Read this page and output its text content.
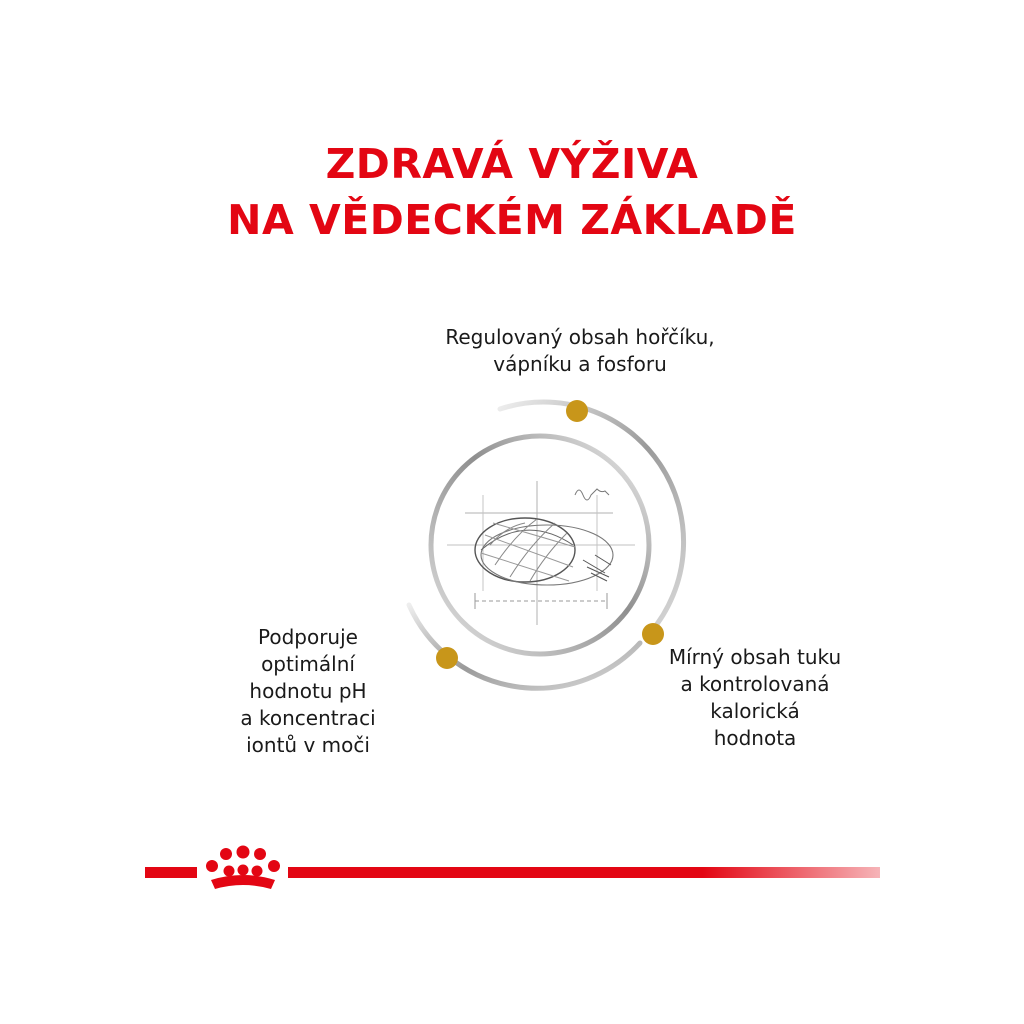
ZDRAVÁ VÝŽIVA
NA VĚDECKÉM ZÁKLADĚ
Regulovaný obsah hořčíku,
vápníku a fosforu
Podporuje
optimální
hodnotu pH
a koncentraci
iontů v moči
Mírný obsah tuku
a kontrolovaná
kalorická
hodnota
